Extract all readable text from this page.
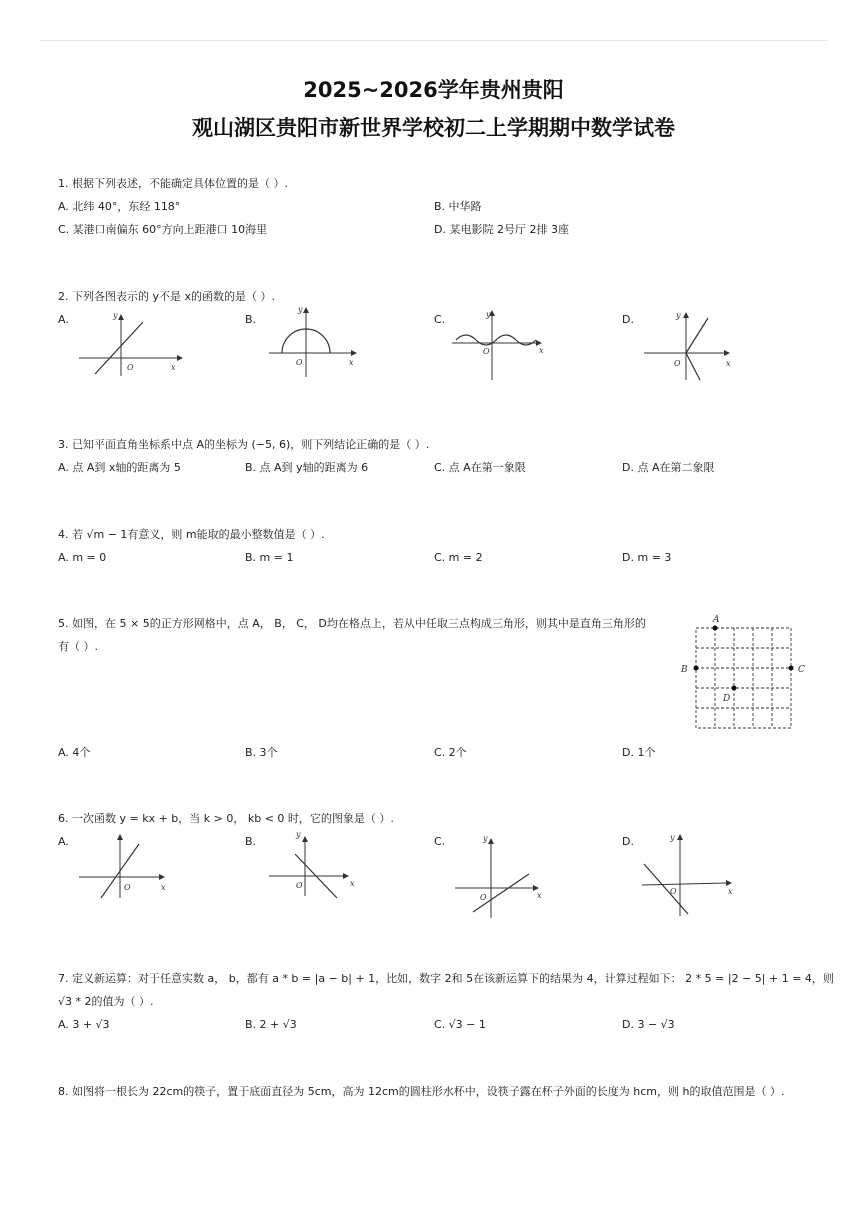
2025~2026学年贵州贵阳
观山湖区贵阳市新世界学校初二上学期期中数学试卷
1. 根据下列表述，不能确定具体位置的是（ ）.
A. 北纬 40°，东经 118°	B. 中华路
C. 某港口南偏东 60°方向上距港口 10海里	D. 某电影院 2号厅 2排 3座
2. 下列各图表示的 y不是 x的函数的是（ ）.
A.	B.	C.	D.
y
x
O
y
x
O
y
x
O
y
x
O
3. 已知平面直角坐标系中点 A的坐标为 (−5, 6)，则下列结论正确的是（ ）.
A. 点 A到 x轴的距离为 5	B. 点 A到 y轴的距离为 6	C. 点 A在第一象限	D. 点 A在第二象限
4. 若 √m − 1有意义，则 m能取的最小整数值是（ ）.
A. m = 0	B. m = 1	C. m = 2	D. m = 3
5. 如图，在 5 × 5的正方形网格中，点 A， B， C， D均在格点上，若从中任取三点构成三角形，则其中是直角三角形的
有（ ）.
A
B	C
D
A. 4个	B. 3个	C. 2个	D. 1个
6. 一次函数 y = kx + b，当 k > 0， kb < 0 时，它的图象是（ ）.
A.	B.	C.	D.
x
O
y
x
O
y
x
O
y
x
O
7. 定义新运算：对于任意实数 a， b，都有 a * b = |a − b| + 1，比如，数字 2和 5在该新运算下的结果为 4，计算过程如下： 2 * 5 = |2 − 5| + 1 = 4，则
√3 * 2的值为（ ）.
A. 3 + √3	B. 2 + √3	C. √3 − 1	D. 3 − √3
8. 如图将一根长为 22cm的筷子，置于底面直径为 5cm，高为 12cm的圆柱形水杯中，设筷子露在杯子外面的长度为 hcm，则 h的取值范围是（ ）.
